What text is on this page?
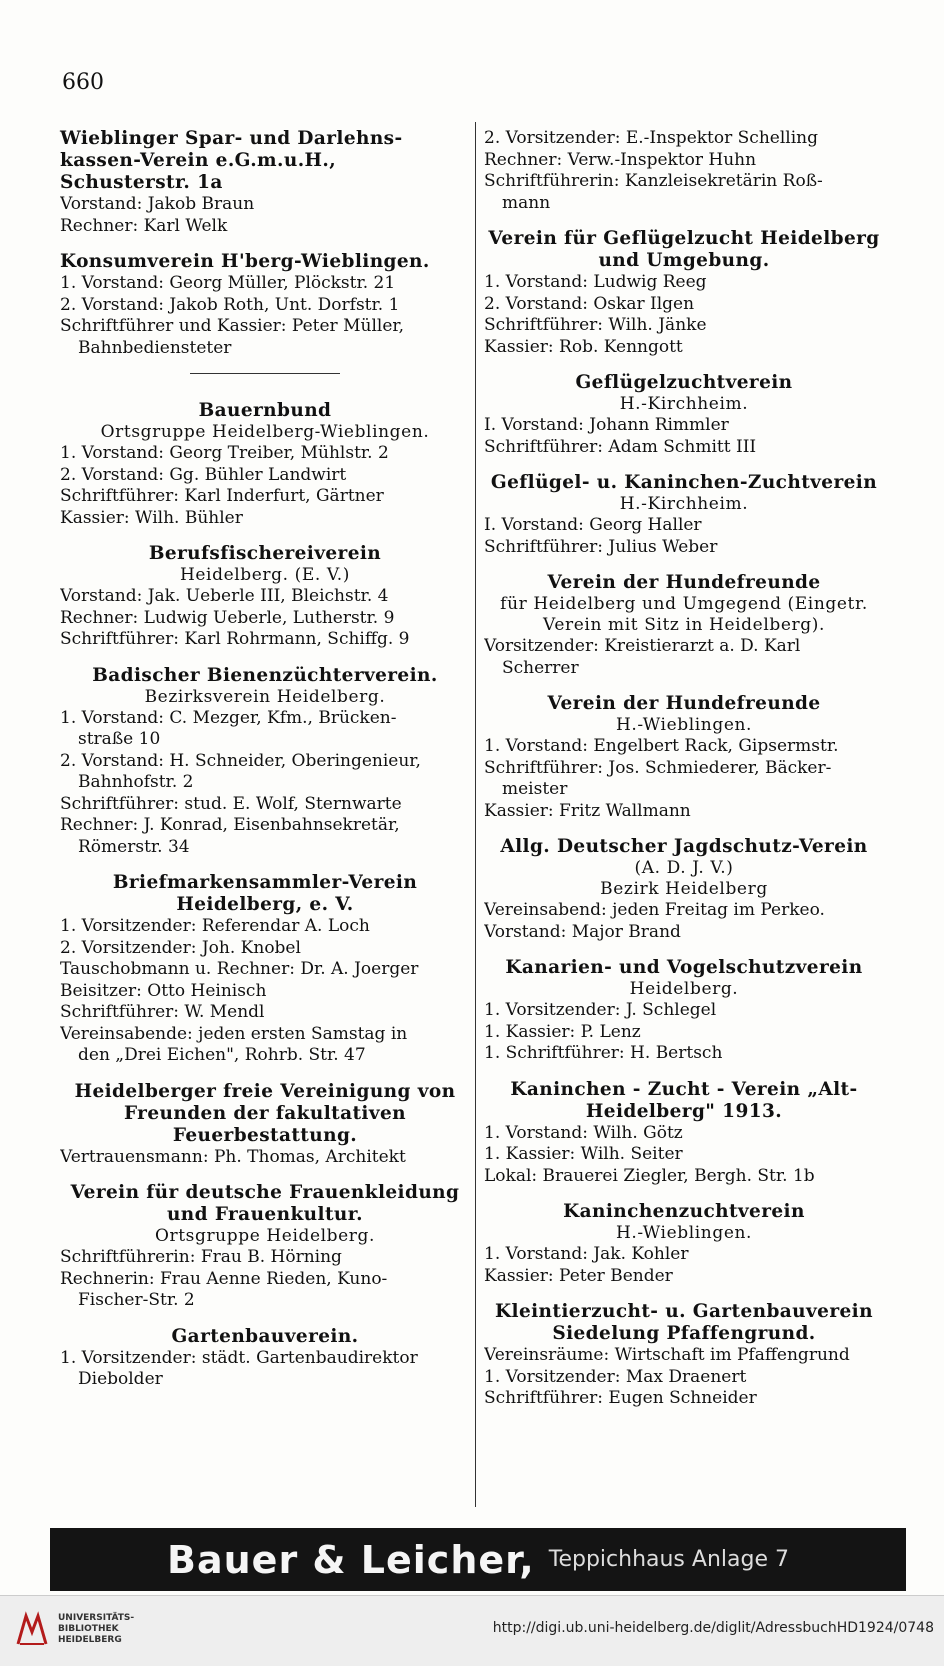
660
Wieblinger Spar- und Darlehns-kassen-Verein e.G.m.u.H., Schusterstr. 1a
Vorstand: Jakob Braun
Rechner: Karl Welk
Konsumverein H'berg-Wieblingen.
1. Vorstand: Georg Müller, Plöckstr. 21
2. Vorstand: Jakob Roth, Unt. Dorfstr. 1
Schriftführer und Kassier: Peter Müller,
Bahnbediensteter
Bauernbund
Ortsgruppe Heidelberg-Wieblingen.
1. Vorstand: Georg Treiber, Mühlstr. 2
2. Vorstand: Gg. Bühler Landwirt
Schriftführer: Karl Inderfurt, Gärtner
Kassier: Wilh. Bühler
Berufsfischereiverein
Heidelberg. (E. V.)
Vorstand: Jak. Ueberle III, Bleichstr. 4
Rechner: Ludwig Ueberle, Lutherstr. 9
Schriftführer: Karl Rohrmann, Schiffg. 9
Badischer Bienenzüchterverein.
Bezirksverein Heidelberg.
1. Vorstand: C. Mezger, Kfm., Brücken-
straße 10
2. Vorstand: H. Schneider, Oberingenieur,
Bahnhofstr. 2
Schriftführer: stud. E. Wolf, Sternwarte
Rechner: J. Konrad, Eisenbahnsekretär,
Römerstr. 34
Briefmarkensammler-Verein Heidelberg, e. V.
1. Vorsitzender: Referendar A. Loch
2. Vorsitzender: Joh. Knobel
Tauschobmann u. Rechner: Dr. A. Joerger
Beisitzer: Otto Heinisch
Schriftführer: W. Mendl
Vereinsabende: jeden ersten Samstag in
den „Drei Eichen", Rohrb. Str. 47
Heidelberger freie Vereinigung von Freunden der fakultativen Feuerbestattung.
Vertrauensmann: Ph. Thomas, Architekt
Verein für deutsche Frauenkleidung und Frauenkultur.
Ortsgruppe Heidelberg.
Schriftführerin: Frau B. Hörning
Rechnerin: Frau Aenne Rieden, Kuno-
Fischer-Str. 2
Gartenbauverein.
1. Vorsitzender: städt. Gartenbaudirektor
Diebolder
2. Vorsitzender: E.-Inspektor Schelling
Rechner: Verw.-Inspektor Huhn
Schriftführerin: Kanzleisekretärin Roß-
mann
Verein für Geflügelzucht Heidelberg und Umgebung.
1. Vorstand: Ludwig Reeg
2. Vorstand: Oskar Ilgen
Schriftführer: Wilh. Jänke
Kassier: Rob. Kenngott
Geflügelzuchtverein
H.-Kirchheim.
I. Vorstand: Johann Rimmler
Schriftführer: Adam Schmitt III
Geflügel- u. Kaninchen-Zuchtverein
H.-Kirchheim.
I. Vorstand: Georg Haller
Schriftführer: Julius Weber
Verein der Hundefreunde
für Heidelberg und Umgegend (Eingetr.
Verein mit Sitz in Heidelberg).
Vorsitzender: Kreistierarzt a. D. Karl
Scherrer
Verein der Hundefreunde
H.-Wieblingen.
1. Vorstand: Engelbert Rack, Gipsermstr.
Schriftführer: Jos. Schmiederer, Bäcker-
meister
Kassier: Fritz Wallmann
Allg. Deutscher Jagdschutz-Verein
(A. D. J. V.)
Bezirk Heidelberg
Vereinsabend: jeden Freitag im Perkeo.
Vorstand: Major Brand
Kanarien- und Vogelschutzverein
Heidelberg.
1. Vorsitzender: J. Schlegel
1. Kassier: P. Lenz
1. Schriftführer: H. Bertsch
Kaninchen - Zucht - Verein „Alt-Heidelberg" 1913.
1. Vorstand: Wilh. Götz
1. Kassier: Wilh. Seiter
Lokal: Brauerei Ziegler, Bergh. Str. 1b
Kaninchenzuchtverein
H.-Wieblingen.
1. Vorstand: Jak. Kohler
Kassier: Peter Bender
Kleintierzucht- u. Gartenbauverein Siedelung Pfaffengrund.
Vereinsräume: Wirtschaft im Pfaffengrund
1. Vorsitzender: Max Draenert
Schriftführer: Eugen Schneider
Bauer & Leicher, Teppichhaus Anlage 7
UNIVERSITÄTS-
BIBLIOTHEK
HEIDELBERG
http://digi.ub.uni-heidelberg.de/diglit/AdressbuchHD1924/0748
